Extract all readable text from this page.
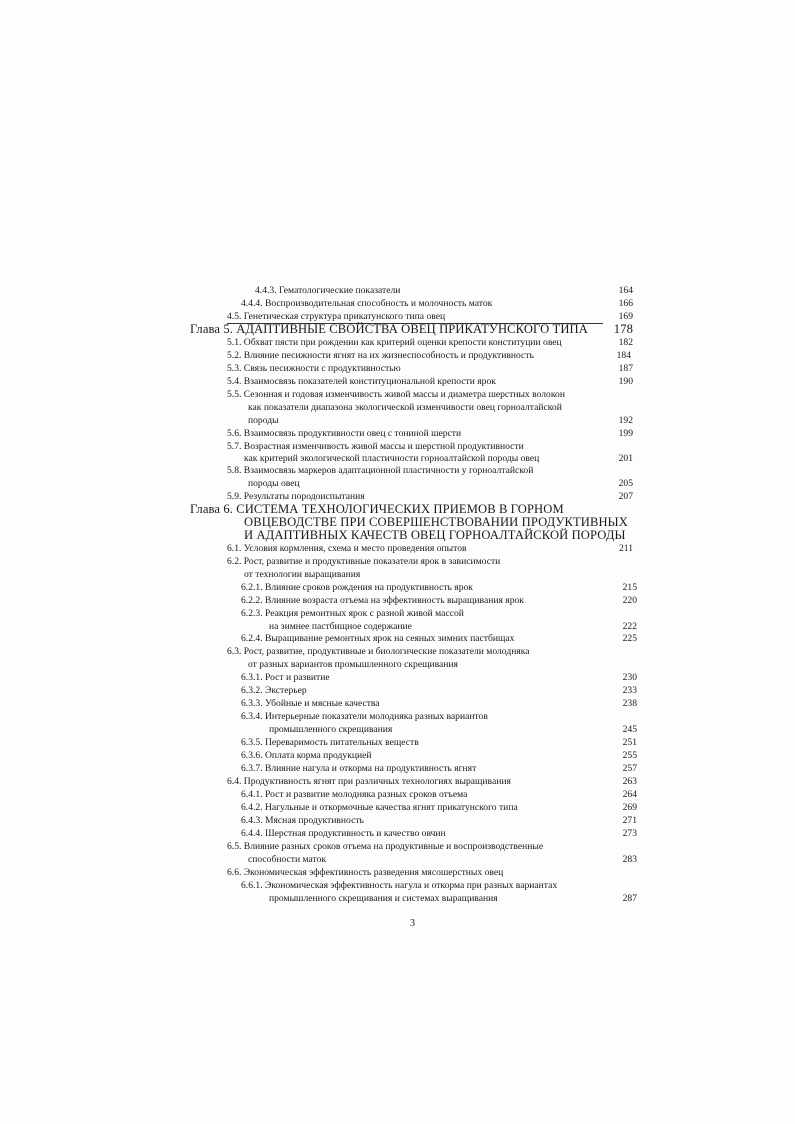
4.4.3. Гематологические показатели	164
4.4.4. Воспроизводительная способность и молочность маток	166
4.5. Генетическая структура прикатунского типа овец	169
Глава 5. АДАПТИВНЫЕ СВОЙСТВА ОВЕЦ ПРИКАТУНСКОГО ТИПА 178
5.1. Обхват пясти при рождении как критерий оценки крепости конституции овец	182
5.2. Влияние песижности ягнят на их жизнеспособность и продуктивность	184
5.3. Связь песижности с продуктивностью	187
5.4. Взаимосвязь показателей конституциональной крепости ярок	190
5.5. Сезонная и годовая изменчивость живой массы и диаметра шерстных волокон
как показатели диапазона экологической изменчивости овец горноалтайской
породы	192
5.6. Взаимосвязь продуктивности овец с тониной шерсти	199
5.7. Возрастная изменчивость живой массы и шерстной продуктивности
как критерий экологической пластичности горноалтайской породы овец	201
5.8. Взаимосвязь маркеров адаптационной пластичности у горноалтайской
породы овец	205
5.9. Результаты породоиспытания	207
Глава 6. СИСТЕМА ТЕХНОЛОГИЧЕСКИХ ПРИЕМОВ В ГОРНОМ
ОВЦЕВОДСТВЕ ПРИ СОВЕРШЕНСТВОВАНИИ ПРОДУКТИВНЫХ
И АДАПТИВНЫХ КАЧЕСТВ ОВЕЦ ГОРНОАЛТАЙСКОЙ ПОРОДЫ
6.1. Условия кормления, схема и место проведения опытов	211
6.2. Рост, развитие и продуктивные показатели ярок в зависимости
от технологии выращивания
6.2.1. Влияние сроков рождения на продуктивность ярок	215
6.2.2. Влияние возраста отъема на эффективность выращивания ярок	220
6.2.3. Реакция ремонтных ярок с разной живой массой
на зимнее пастбищное содержание	222
6.2.4. Выращивание ремонтных ярок на сеяных зимних пастбищах	225
6.3. Рост, развитие, продуктивные и биологические показатели молодняка
от разных вариантов промышленного скрещивания
6.3.1. Рост и развитие	230
6.3.2. Экстерьер	233
6.3.3. Убойные и мясные качества	238
6.3.4. Интерьерные показатели молодняка разных вариантов
промышленного скрещивания	245
6.3.5. Переваримость питательных веществ	251
6.3.6. Оплата корма продукцией	255
6.3.7. Влияние нагула и откорма на продуктивность ягнят	257
6.4. Продуктивность ягнят при различных технологиях выращивания	263
6.4.1. Рост и развитие молодняка разных сроков отъема	264
6.4.2. Нагульные и откормочные качества ягнят прикатунского типа	269
6.4.3. Мясная продуктивность	271
6.4.4. Шерстная продуктивность и качество овчин	273
6.5. Влияние разных сроков отъема на продуктивные и воспроизводственные
способности маток	283
6.6. Экономическая эффективность разведения мясошерстных овец
6.6.1. Экономическая эффективность нагула и откорма при разных вариантах
промышленного скрещивания и системах выращивания	287
3
